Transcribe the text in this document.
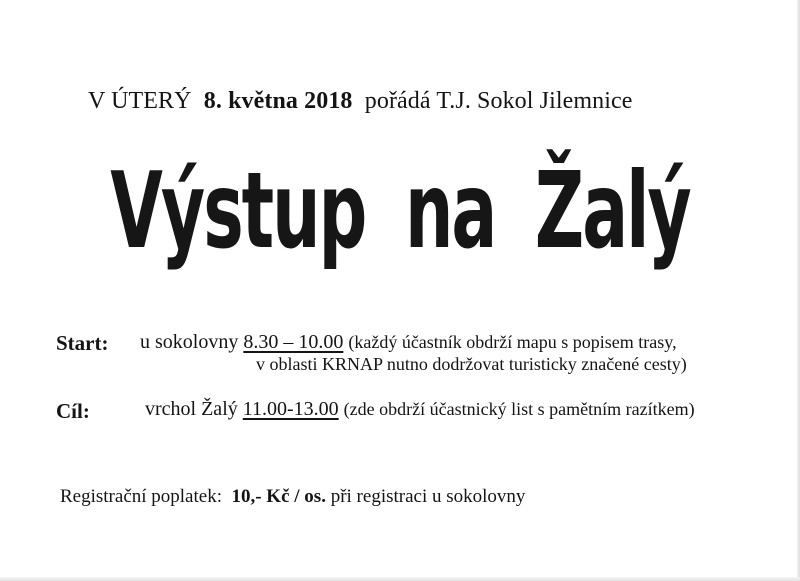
V ÚTERÝ 8. května 2018 pořádá T.J. Sokol Jilemnice
Výstup na Žalý
Start: u sokolovny 8.30 – 10.00 (každý účastník obdrží mapu s popisem trasy,
v oblasti KRNAP nutno dodržovat turisticky značené cesty)
Cíl:	vrchol Žalý 11.00-13.00 (zde obdrží účastnický list s pamětním razítkem)
Registrační poplatek: 10,- Kč / os. při registraci u sokolovny
